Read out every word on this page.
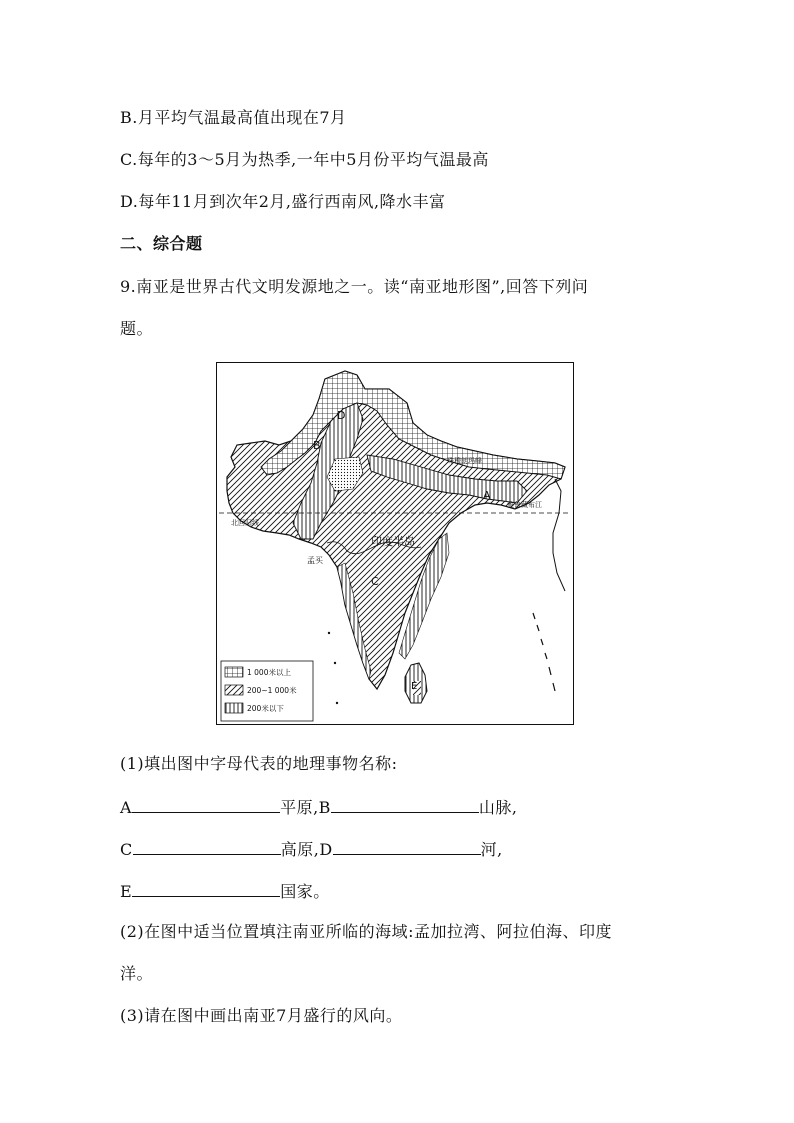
B.月平均气温最高值出现在7月
C.每年的3～5月为热季,一年中5月份平均气温最高
D.每年11月到次年2月,盛行西南风,降水丰富
二、综合题
9.南亚是世界古代文明发源地之一。读“南亚地形图”,回答下列问
题。
珠穆朗玛峰
雅鲁藏布江
北回归线
印度半岛
孟买
A
B
C
D
E
1 000米以上
200~1 000米
200米以下
(1)填出图中字母代表的地理事物名称:
A	平原,B	山脉,
C	高原,D	河,
E	国家。
(2)在图中适当位置填注南亚所临的海域:孟加拉湾、阿拉伯海、印度
洋。
(3)请在图中画出南亚7月盛行的风向。
